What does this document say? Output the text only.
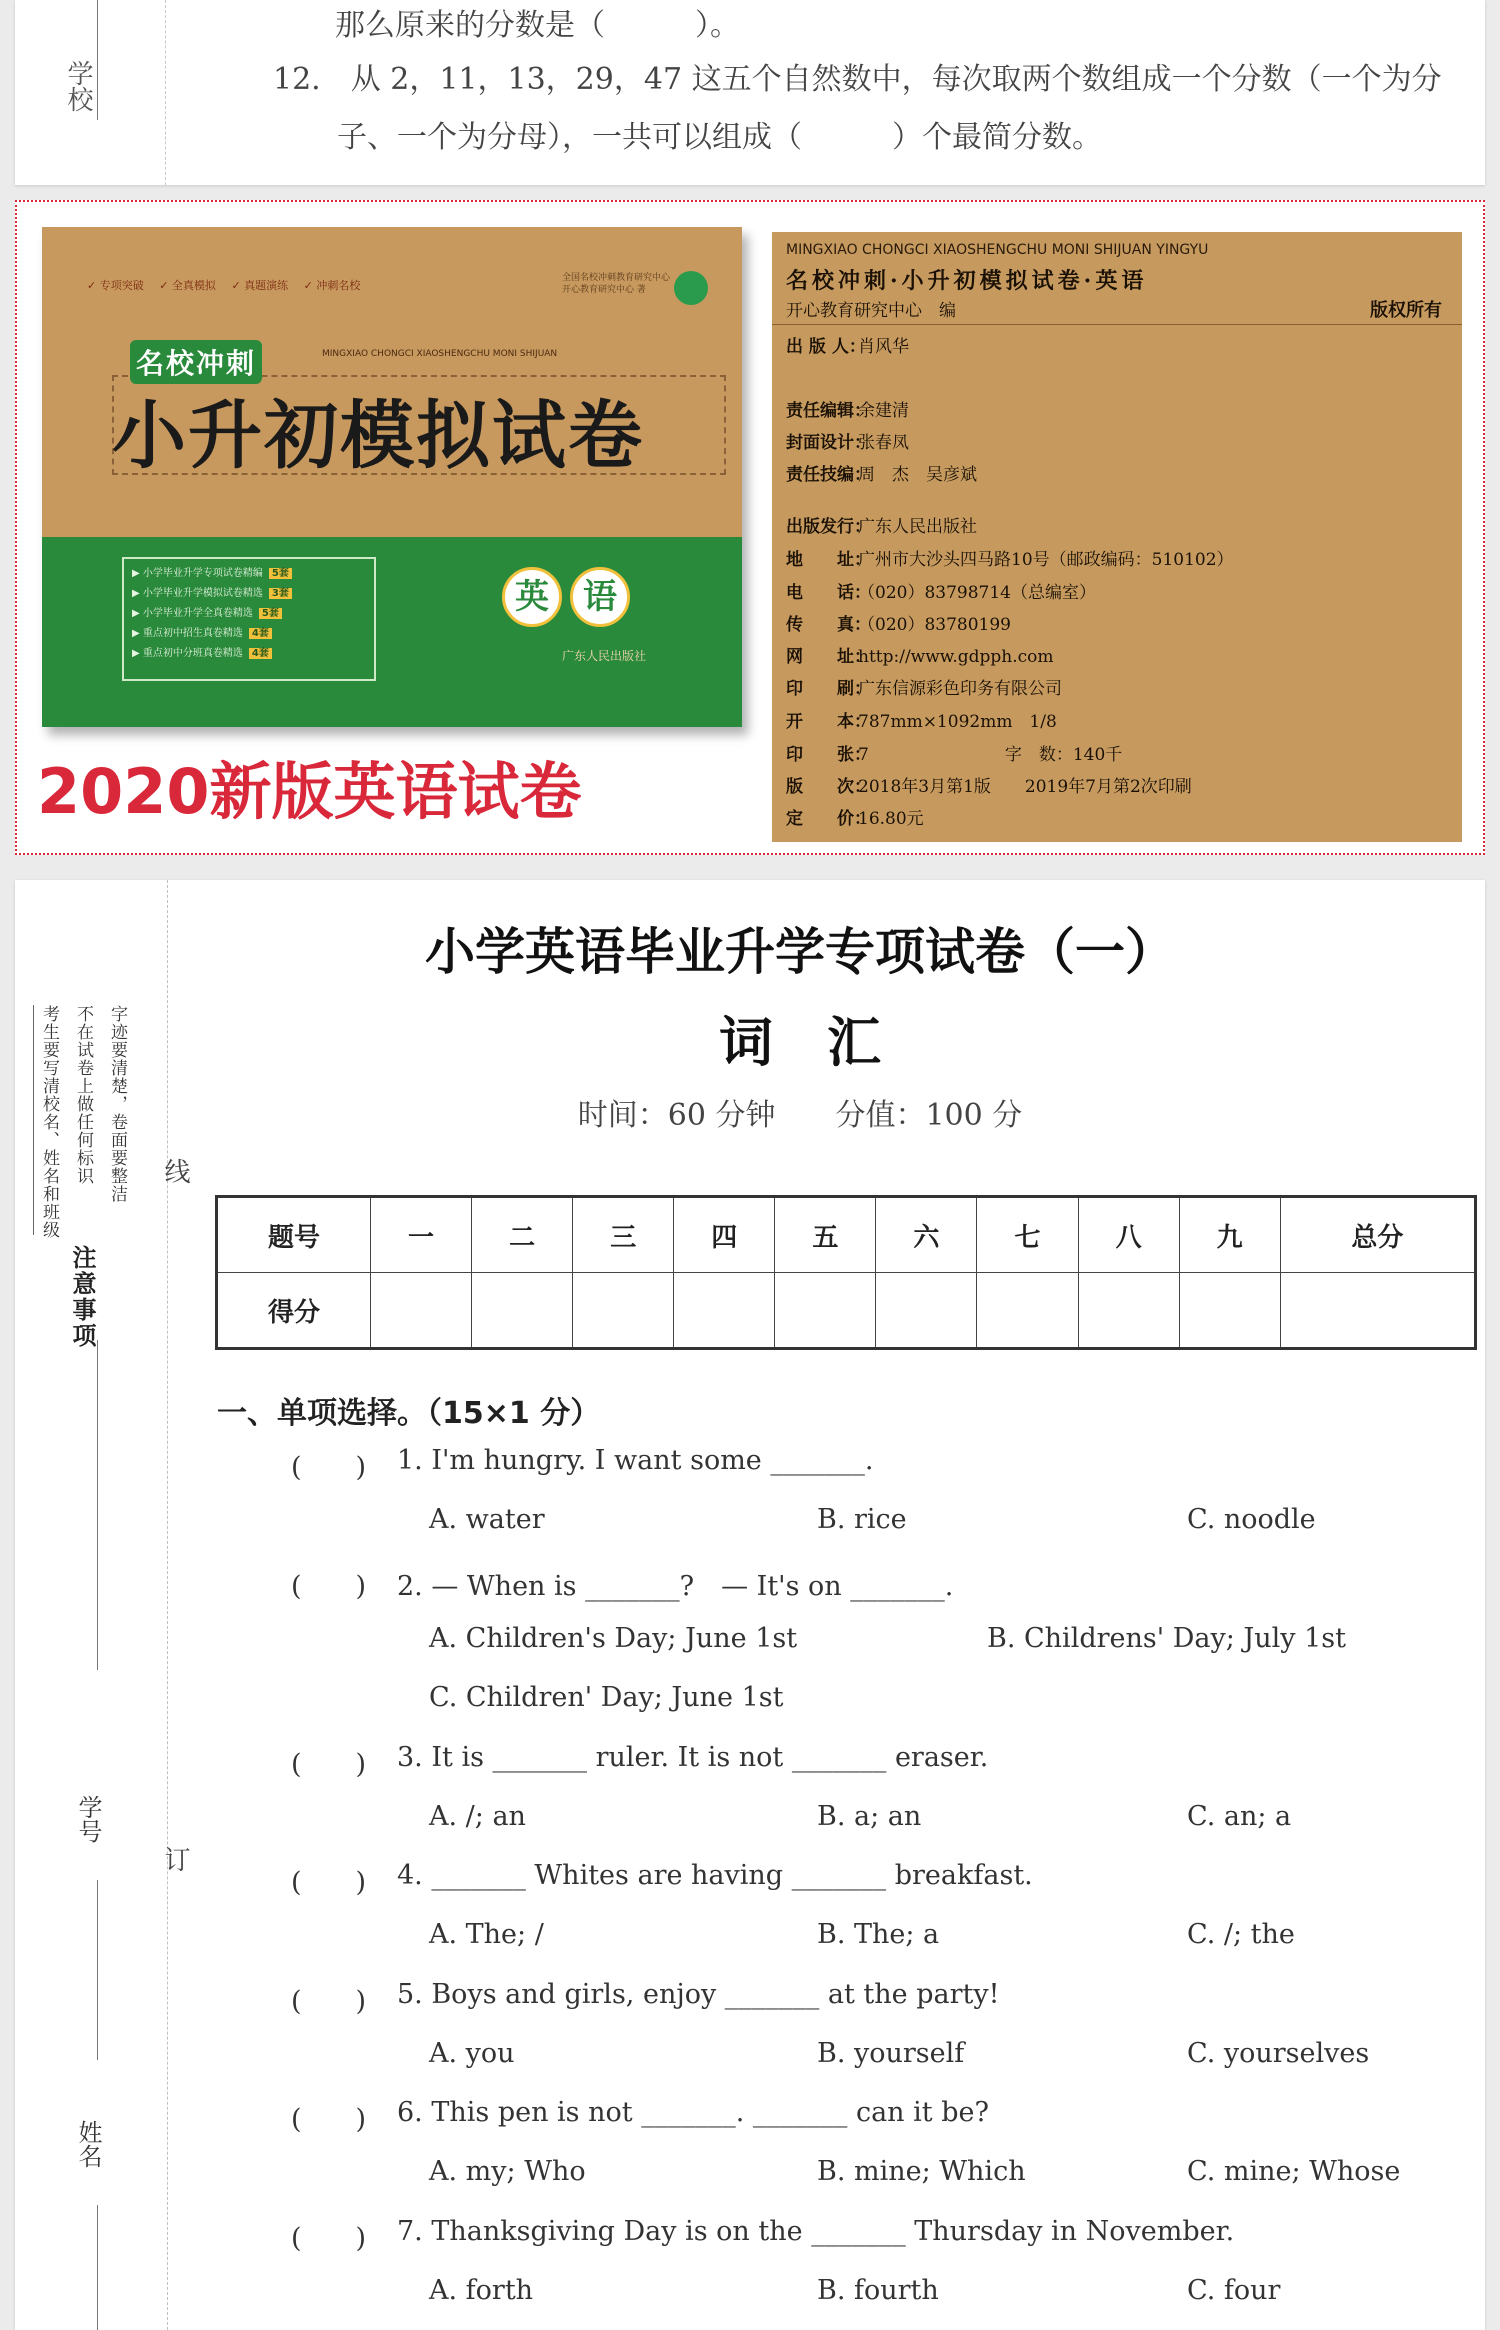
学校
那么原来的分数是（　　　）。
12.　从 2，11，13，29，47 这五个自然数中，每次取两个数组成一个分数（一个为分
子、一个为分母），一共可以组成（　　　）个最简分数。
✓ 专项突破 ✓ 全真模拟 ✓ 真题演练 ✓ 冲刺名校
全国名校冲刺教育研究中心 开心教育研究中心 著
名校冲刺	MINGXIAO CHONGCI XIAOSHENGCHU MONI SHIJUAN
小升初模拟试卷
▶ 小学毕业升学专项试卷精编 5套
▶ 小学毕业升学模拟试卷精选 3套
▶ 小学毕业升学全真卷精选 5套
▶ 重点初中招生真卷精选 4套
▶ 重点初中分班真卷精选 4套
英	语
广东人民出版社
2020新版英语试卷
MINGXIAO CHONGCI XIAOSHENGCHU MONI SHIJUAN YINGYU
名校冲刺·小升初模拟试卷·英语
开心教育研究中心　编	版权所有
出 版 人：肖风华
责任编辑：余建清
封面设计：张春凤
责任技编：周　杰　吴彦斌
出版发行：广东人民出版社
地　　址：广州市大沙头四马路10号（邮政编码：510102）
电　　话：（020）83798714（总编室）
传　　真：（020）83780199
网　　址：http://www.gdpph.com
印　　刷：广东信源彩色印务有限公司
开　　本：787mm×1092mm　1/8
印　　张：7　　　　　　　　字　数：140千
版　　次：2018年3月第1版　　2019年7月第2次印刷
定　　价：16.80元
考生要写清校名、姓名和班级 不在试卷上做任何标识 字迹要清楚，卷面要整洁
注意事项
线
订
学号
姓名
小学英语毕业升学专项试卷（一）
词　汇
时间：60 分钟　　分值：100 分
题号	一	二	三	四	五	六	七	八	九	总分
得分										
一、单项选择。（15×1 分）
(　　) 1. I'm hungry. I want some _______.
A. water	B. rice	C. noodle
(　　) 2. — When is _______?　— It's on _______.
A. Children's Day; June 1st	B. Childrens' Day; July 1st
C. Children' Day; June 1st
(　　) 3. It is _______ ruler. It is not _______ eraser.
A. /; an	B. a; an	C. an; a
(　　) 4. _______ Whites are having _______ breakfast.
A. The; /	B. The; a	C. /; the
(　　) 5. Boys and girls, enjoy _______ at the party!
A. you	B. yourself	C. yourselves
(　　) 6. This pen is not _______. _______ can it be?
A. my; Who	B. mine; Which	C. mine; Whose
(　　) 7. Thanksgiving Day is on the _______ Thursday in November.
A. forth	B. fourth	C. four
